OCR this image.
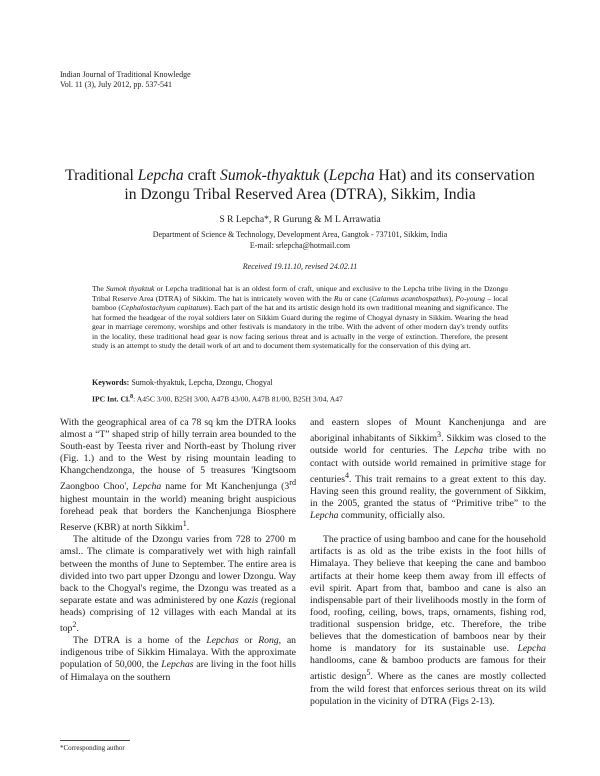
Indian Journal of Traditional Knowledge
Vol. 11 (3), July 2012, pp. 537-541
Traditional Lepcha craft Sumok-thyaktuk (Lepcha Hat) and its conservation in Dzongu Tribal Reserved Area (DTRA), Sikkim, India
S R Lepcha*, R Gurung & M L Arrawatia
Department of Science & Technology, Development Area, Gangtok - 737101, Sikkim, India
E-mail: srlepcha@hotmail.com
Received 19.11.10, revised 24.02.11
The Sumok thyaktuk or Lepcha traditional hat is an oldest form of craft, unique and exclusive to the Lepcha tribe living in the Dzongu Tribal Reserve Area (DTRA) of Sikkim. The hat is intricately woven with the Ru or cane (Calamus acanthospathus), Po-young – local bamboo (Cephalostachyum capitatum). Each part of the hat and its artistic design hold its own traditional meaning and significance. The hat formed the headgear of the royal soldiers later on Sikkim Guard during the regime of Chogyal dynasty in Sikkim. Wearing the head gear in marriage ceremony, worships and other festivals is mandatory in the tribe. With the advent of other modern day's trendy outfits in the locality, these traditional head gear is now facing serious threat and is actually in the verge of extinction. Therefore, the present study is an attempt to study the detail work of art and to document them systematically for the conservation of this dying art.
Keywords: Sumok-thyaktuk, Lepcha, Dzongu, Chogyal
IPC Int. Cl.$^8$: A45C 3/00, B25H 3/00, A47B 43/00, A47B 81/00, B25H 3/04, A47

With the geographical area of ca 78 sq km the DTRA looks almost a “T” shaped strip of hilly terrain area bounded to the South-east by Teesta river and North-east by Tholung river (Fig. 1.) and to the West by rising mountain leading to Khangchendzonga, the house of 5 treasures 'Kingtsoom Zaongboo Choo', Lepcha name for Mt Kanchenjunga (3rd highest mountain in the world) meaning bright auspicious forehead peak that borders the Kanchenjunga Biosphere Reserve (KBR) at north Sikkim$^1$.

The altitude of the Dzongu varies from 728 to 2700 m amsl.. The climate is comparatively wet with high rainfall between the months of June to September. The entire area is divided into two part upper Dzongu and lower Dzongu. Way back to the Chogyal's regime, the Dzongu was treated as a separate estate and was administered by one Kazis (regional heads) comprising of 12 villages with each Mandal at its top$^2$.

The DTRA is a home of the Lepchas or Rong, an indigenous tribe of Sikkim Himalaya. With the approximate population of 50,000, the Lepchas are living in the foot hills of Himalaya on the southern

and eastern slopes of Mount Kanchenjunga and are aboriginal inhabitants of Sikkim$^3$. Sikkim was closed to the outside world for centuries. The Lepcha tribe with no contact with outside world remained in primitive stage for centuries$^4$. This trait remains to a great extent to this day. Having seen this ground reality, the government of Sikkim, in the 2005, granted the status of “Primitive tribe” to the Lepcha community, officially also.

The practice of using bamboo and cane for the household artifacts is as old as the tribe exists in the foot hills of Himalaya. They believe that keeping the cane and bamboo artifacts at their home keep them away from ill effects of evil spirit. Apart from that, bamboo and cane is also an indispensable part of their livelihoods mostly in the form of food, roofing, ceiling, bows, traps, ornaments, fishing rod, traditional suspension bridge, etc. Therefore, the tribe believes that the domestication of bamboos near by their home is mandatory for its sustainable use. Lepcha handlooms, cane & bamboo products are famous for their artistic design$^5$. Where as the canes are mostly collected from the wild forest that enforces serious threat on its wild population in the vicinity of DTRA (Figs 2-13).

*Corresponding author
